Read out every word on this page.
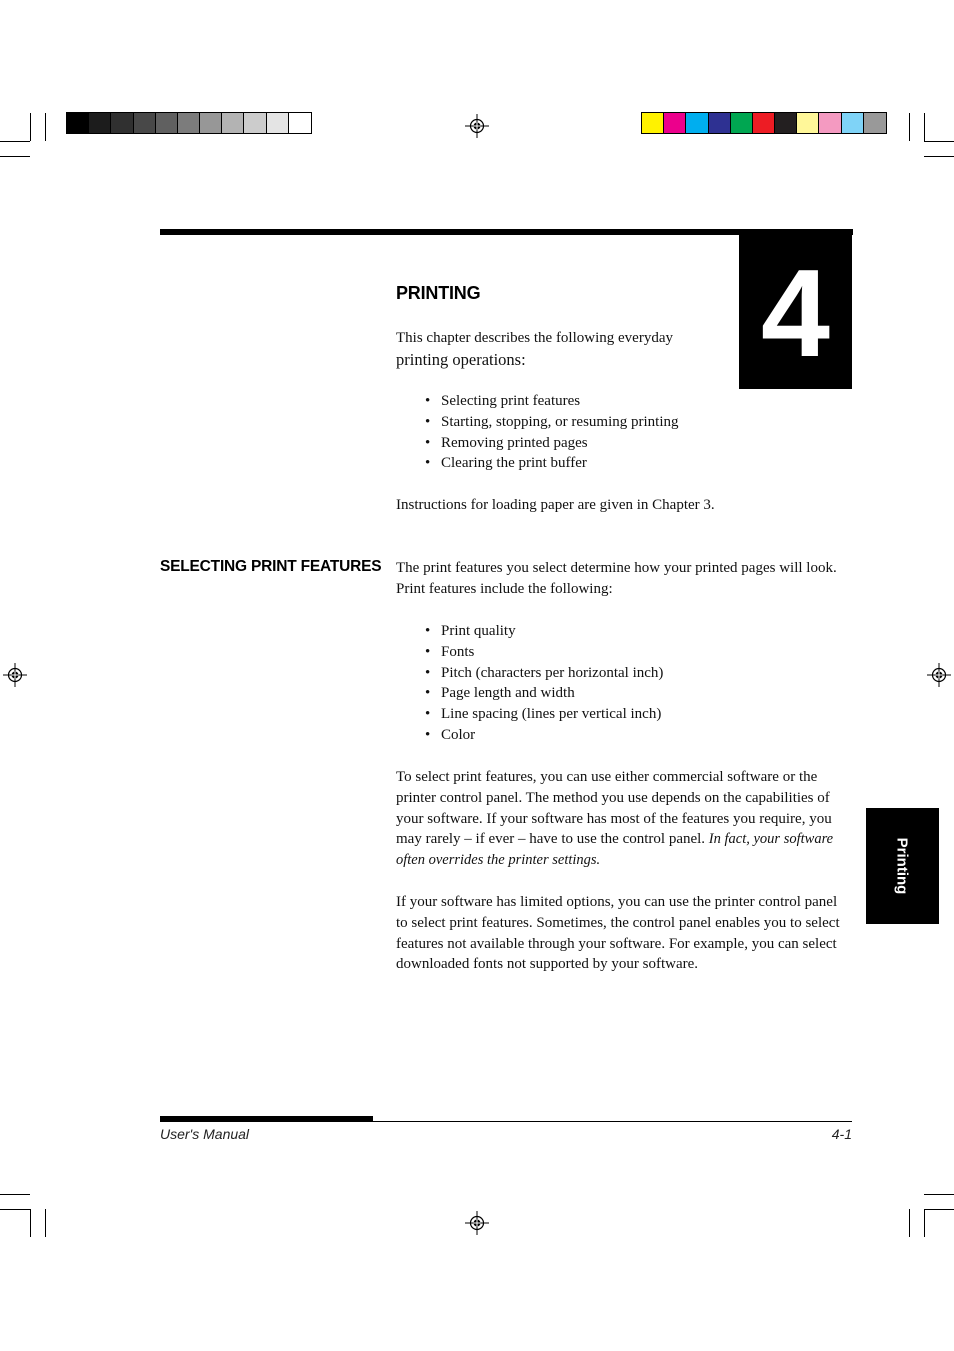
4
PRINTING

This chapter describes the following everyday

printing operations:

• Selecting print features
• Starting, stopping, or resuming printing
• Removing printed pages
• Clearing the print buffer
Instructions for loading paper are given in Chapter 3.
SELECTING PRINT FEATURES The print features you select determine how your printed pages will look. Print features include the following:
• Print quality
• Fonts
• Pitch (characters per horizontal inch)
• Page length and width
• Line spacing (lines per vertical inch)
• Color
To select print features, you can use either commercial software or the printer control panel. The method you use depends on the capabilities of your software. If your software has most of the features you require, you may rarely – if ever – have to use the control panel. In fact, your software often overrides the printer settings.
If your software has limited options, you can use the printer control panel to select print features. Sometimes, the control panel enables you to select features not available through your software. For example, you can select downloaded fonts not supported by your software.
Printing
User's Manual	4-1
